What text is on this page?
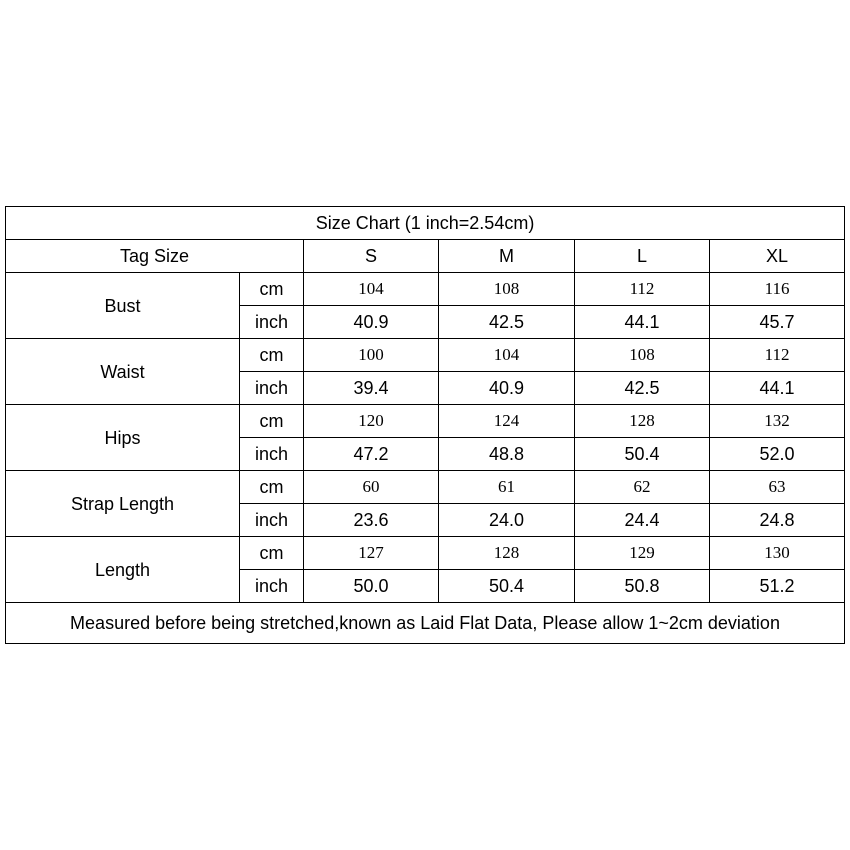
Size Chart (1 inch=2.54cm)					
Tag Size		S	M	L	XL
Bust	cm	104	108	112	116
	inch	40.9	42.5	44.1	45.7
Waist	cm	100	104	108	112
	inch	39.4	40.9	42.5	44.1
Hips	cm	120	124	128	132
	inch	47.2	48.8	50.4	52.0
Strap Length	cm	60	61	62	63
	inch	23.6	24.0	24.4	24.8
Length	cm	127	128	129	130
	inch	50.0	50.4	50.8	51.2
Measured before being stretched,known as Laid Flat Data, Please allow 1~2cm deviation					
